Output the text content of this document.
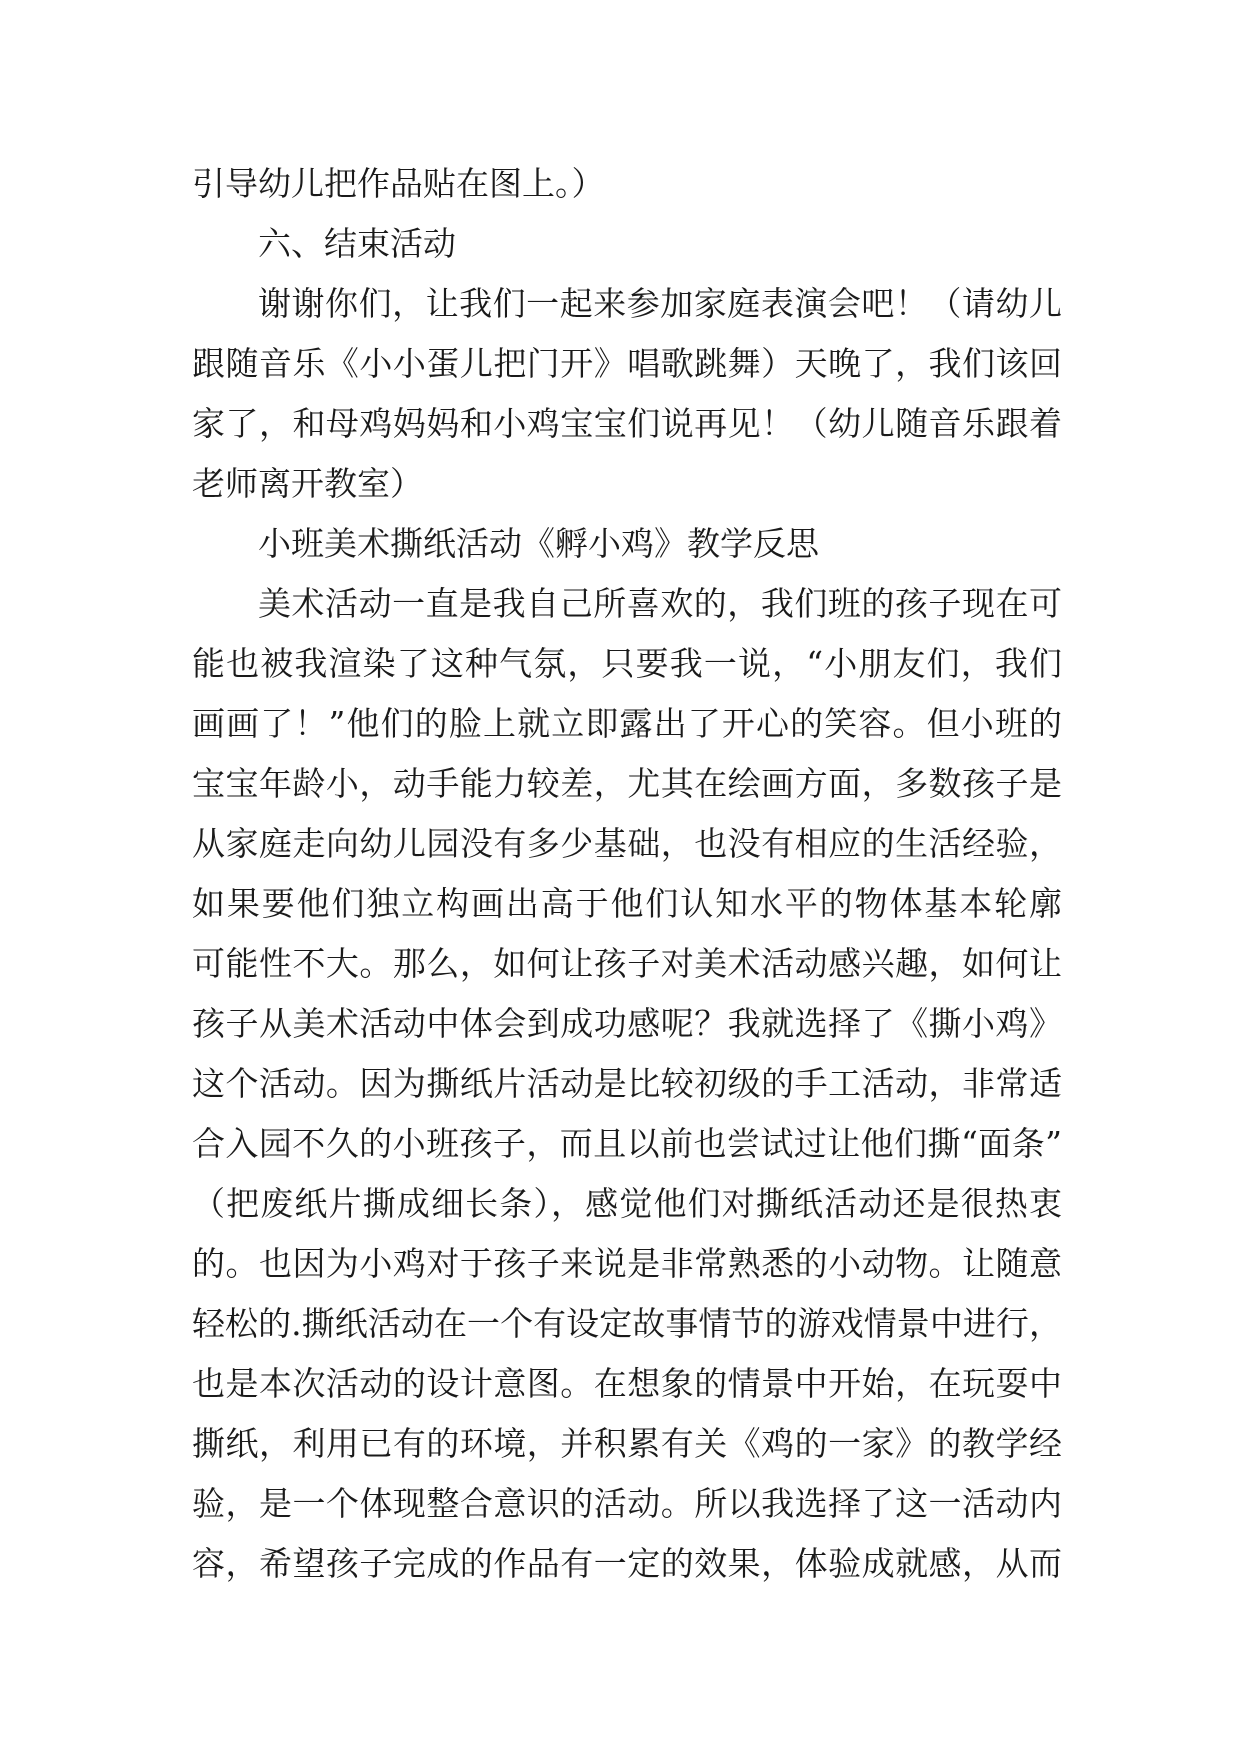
引导幼儿把作品贴在图上。）
六、结束活动
谢谢你们，让我们一起来参加家庭表演会吧！（请幼儿
跟随音乐《小小蛋儿把门开》唱歌跳舞）天晚了，我们该回
家了，和母鸡妈妈和小鸡宝宝们说再见！（幼儿随音乐跟着
老师离开教室）
小班美术撕纸活动《孵小鸡》教学反思
美术活动一直是我自己所喜欢的，我们班的孩子现在可
能也被我渲染了这种气氛，只要我一说，“小朋友们，我们
画画了！”他们的脸上就立即露出了开心的笑容。但小班的
宝宝年龄小，动手能力较差，尤其在绘画方面，多数孩子是
从家庭走向幼儿园没有多少基础，也没有相应的生活经验，
如果要他们独立构画出高于他们认知水平的物体基本轮廓
可能性不大。那么，如何让孩子对美术活动感兴趣，如何让
孩子从美术活动中体会到成功感呢？我就选择了《撕小鸡》
这个活动。因为撕纸片活动是比较初级的手工活动，非常适
合入园不久的小班孩子，而且以前也尝试过让他们撕“面条”
（把废纸片撕成细长条），感觉他们对撕纸活动还是很热衷
的。也因为小鸡对于孩子来说是非常熟悉的小动物。让随意
轻松的.撕纸活动在一个有设定故事情节的游戏情景中进行，
也是本次活动的设计意图。在想象的情景中开始，在玩耍中
撕纸，利用已有的环境，并积累有关《鸡的一家》的教学经
验，是一个体现整合意识的活动。所以我选择了这一活动内
容，希望孩子完成的作品有一定的效果，体验成就感，从而
